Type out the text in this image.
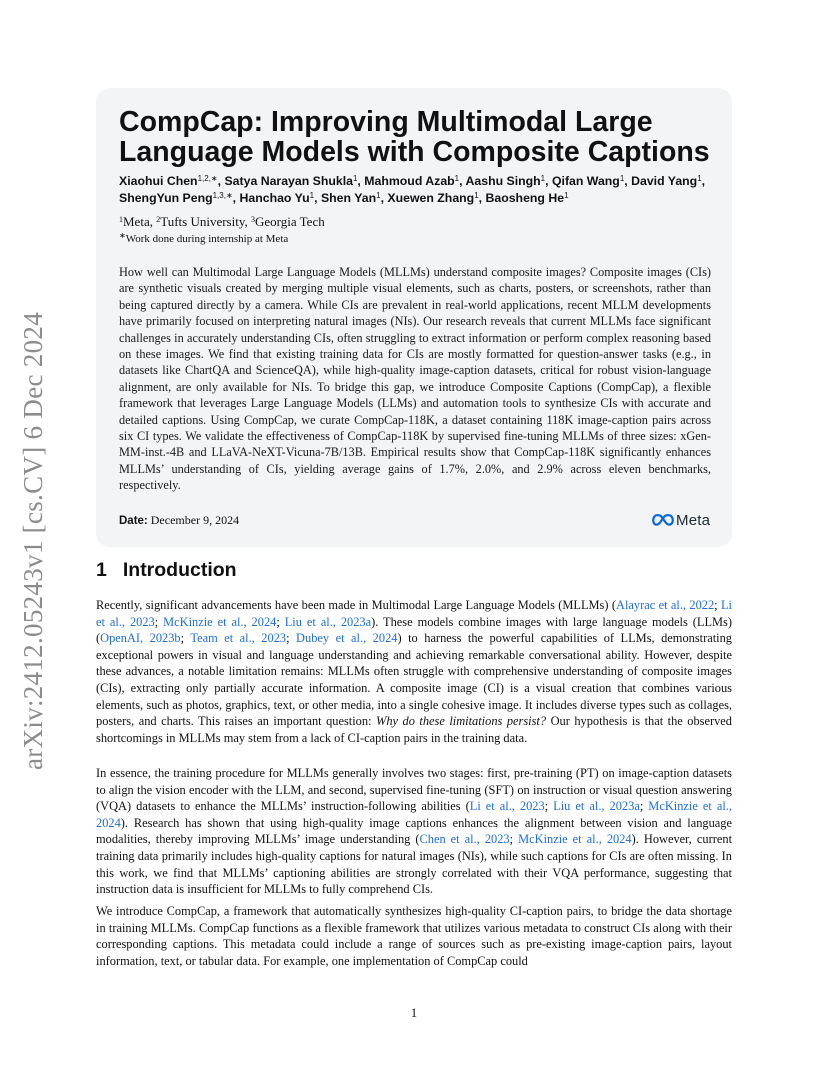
arXiv:2412.05243v1 [cs.CV] 6 Dec 2024
CompCap: Improving Multimodal Large Language Models with Composite Captions
Xiaohui Chen$^{1,2,∗}$, Satya Narayan Shukla$^1$, Mahmoud Azab$^1$, Aashu Singh$^1$, Qifan Wang$^1$, David Yang$^1$, ShengYun Peng$^{1,3,∗}$, Hanchao Yu$^1$, Shen Yan$^1$, Xuewen Zhang$^1$, Baosheng He$^1$
$^1$Meta, $^2$Tufts University, $^3$Georgia Tech
∗Work done during internship at Meta

How well can Multimodal Large Language Models (MLLMs) understand composite images? Composite images (CIs) are synthetic visuals created by merging multiple visual elements, such as charts, posters, or screenshots, rather than being captured directly by a camera. While CIs are prevalent in real-world applications, recent MLLM developments have primarily focused on interpreting natural images (NIs). Our research reveals that current MLLMs face significant challenges in accurately understanding CIs, often struggling to extract information or perform complex reasoning based on these images. We find that existing training data for CIs are mostly formatted for question-answer tasks (e.g., in datasets like ChartQA and ScienceQA), while high-quality image-caption datasets, critical for robust vision-language alignment, are only available for NIs. To bridge this gap, we introduce Composite Captions (CompCap), a flexible framework that leverages Large Language Models (LLMs) and automation tools to synthesize CIs with accurate and detailed captions. Using CompCap, we curate CompCap-118K, a dataset containing 118K image-caption pairs across six CI types. We validate the effectiveness of CompCap-118K by supervised fine-tuning MLLMs of three sizes: xGen-MM-inst.-4B and LLaVA-NeXT-Vicuna-7B/13B. Empirical results show that CompCap-118K significantly enhances MLLMs’ understanding of CIs, yielding average gains of 1.7%, 2.0%, and 2.9% across eleven benchmarks, respectively.

Date: December 9, 2024	Meta
1 Introduction

Recently, significant advancements have been made in Multimodal Large Language Models (MLLMs) (Alayrac et al., 2022; Li et al., 2023; McKinzie et al., 2024; Liu et al., 2023a). These models combine images with large language models (LLMs) (OpenAI, 2023b; Team et al., 2023; Dubey et al., 2024) to harness the powerful capabilities of LLMs, demonstrating exceptional powers in visual and language understanding and achieving remarkable conversational ability. However, despite these advances, a notable limitation remains: MLLMs often struggle with comprehensive understanding of composite images (CIs), extracting only partially accurate information. A composite image (CI) is a visual creation that combines various elements, such as photos, graphics, text, or other media, into a single cohesive image. It includes diverse types such as collages, posters, and charts. This raises an important question: Why do these limitations persist? Our hypothesis is that the observed shortcomings in MLLMs may stem from a lack of CI-caption pairs in the training data.

In essence, the training procedure for MLLMs generally involves two stages: first, pre-training (PT) on image-caption datasets to align the vision encoder with the LLM, and second, supervised fine-tuning (SFT) on instruction or visual question answering (VQA) datasets to enhance the MLLMs’ instruction-following abilities (Li et al., 2023; Liu et al., 2023a; McKinzie et al., 2024). Research has shown that using high-quality image captions enhances the alignment between vision and language modalities, thereby improving MLLMs’ image understanding (Chen et al., 2023; McKinzie et al., 2024). However, current training data primarily includes high-quality captions for natural images (NIs), while such captions for CIs are often missing. In this work, we find that MLLMs’ captioning abilities are strongly correlated with their VQA performance, suggesting that instruction data is insufficient for MLLMs to fully comprehend CIs.

We introduce CompCap, a framework that automatically synthesizes high-quality CI-caption pairs, to bridge the data shortage in training MLLMs. CompCap functions as a flexible framework that utilizes various metadata to construct CIs along with their corresponding captions. This metadata could include a range of sources such as pre-existing image-caption pairs, layout information, text, or tabular data. For example, one implementation of CompCap could

1
